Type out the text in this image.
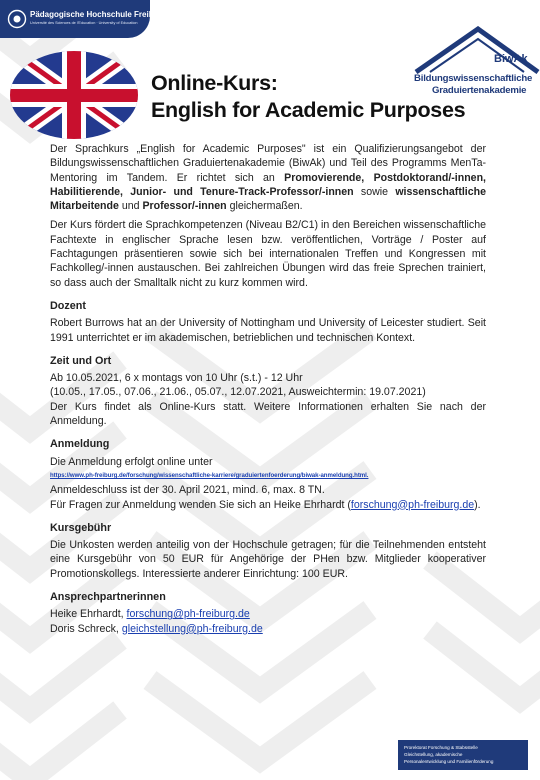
Pädagogische Hochschule Freiburg
Université des Sciences de l'Education · University of Education
BiwAk
Bildungswissenschaftliche
Graduiertenakademie
Online-Kurs:
English for Academic Purposes

Der Sprachkurs „English for Academic Purposes" ist ein Qualifizierungsangebot der Bildungswissenschaftlichen Graduiertenakademie (BiwAk) und Teil des Programms MenTa-Mentoring im Tandem. Er richtet sich an Promovierende, Postdoktorand/-innen, Habilitierende, Junior- und Tenure-Track-Professor/-innen sowie wissenschaftliche Mitarbeitende und Professor/-innen gleichermaßen.

Der Kurs fördert die Sprachkompetenzen (Niveau B2/C1) in den Bereichen wissenschaftliche Fachtexte in englischer Sprache lesen bzw. veröffentlichen, Vorträge / Poster auf Fachtagungen präsentieren sowie sich bei internationalen Treffen und Kongressen mit Fachkolleg/-innen austauschen. Bei zahlreichen Übungen wird das freie Sprechen trainiert, so dass auch der Smalltalk nicht zu kurz kommen wird.

Dozent

Robert Burrows hat an der University of Nottingham und University of Leicester studiert. Seit 1991 unterrichtet er im akademischen, betrieblichen und technischen Kontext.

Zeit und Ort

Ab 10.05.2021, 6 x montags von 10 Uhr (s.t.) - 12 Uhr
(10.05., 17.05., 07.06., 21.06., 05.07., 12.07.2021, Ausweichtermin: 19.07.2021)
Der Kurs findet als Online-Kurs statt. Weitere Informationen erhalten Sie nach der Anmeldung.

Anmeldung

Die Anmeldung erfolgt online unter
https://www.ph-freiburg.de/forschung/wissenschaftliche-karriere/graduiertenfoerderung/biwak-anmeldung.html.
Anmeldeschluss ist der 30. April 2021, mind. 6, max. 8 TN.
Für Fragen zur Anmeldung wenden Sie sich an Heike Ehrhardt (forschung@ph-freiburg.de).

Kursgebühr

Die Unkosten werden anteilig von der Hochschule getragen; für die Teilnehmenden entsteht eine Kursgebühr von 50 EUR für Angehörige der PHen bzw. Mitglieder kooperativer Promotionskollegs. Interessierte anderer Einrichtung: 100 EUR.

Ansprechpartnerinnen

Heike Ehrhardt, forschung@ph-freiburg.de
Doris Schreck, gleichstellung@ph-freiburg.de

Prorektorat Forschung & Stabsstelle
Gleichstellung, akademische
Personalentwicklung und Familienförderung
